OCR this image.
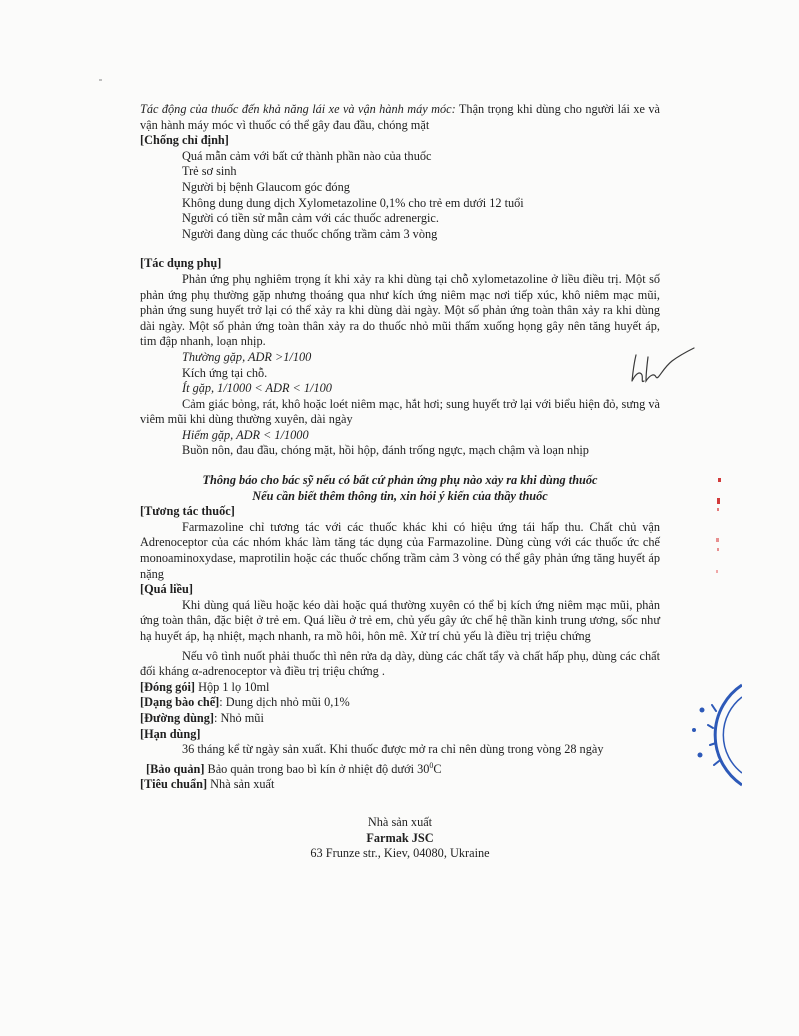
Tác động của thuốc đến khả năng lái xe và vận hành máy móc: Thận trọng khi dùng cho người lái xe và vận hành máy móc vì thuốc có thể gây đau đầu, chóng mặt

[Chống chỉ định]

Quá mẫn cảm với bất cứ thành phần nào của thuốc

Trẻ sơ sinh

Người bị bệnh Glaucom góc đóng

Không dung dung dịch Xylometazoline 0,1% cho trẻ em dưới 12 tuổi

Người có tiền sử mẫn cảm với các thuốc adrenergic.

Người đang dùng các thuốc chống trầm cảm 3 vòng

[Tác dụng phụ]

Phản ứng phụ nghiêm trọng ít khi xảy ra khi dùng tại chỗ xylometazoline ở liều điều trị. Một số phản ứng phụ thường gặp nhưng thoáng qua như kích ứng niêm mạc nơi tiếp xúc, khô niêm mạc mũi, phản ứng sung huyết trở lại có thể xảy ra khi dùng dài ngày. Một số phản ứng toàn thân xảy ra khi dùng dài ngày. Một số phản ứng toàn thân xảy ra do thuốc nhỏ mũi thấm xuống họng gây nên tăng huyết áp, tim đập nhanh, loạn nhịp.

Thường gặp, ADR >1/100

Kích ứng tại chỗ.

Ít gặp, 1/1000 < ADR < 1/100

Cảm giác bỏng, rát, khô hoặc loét niêm mạc, hắt hơi; sung huyết trở lại với biểu hiện đỏ, sưng và viêm mũi khi dùng thường xuyên, dài ngày

Hiếm gặp, ADR < 1/1000

Buồn nôn, đau đầu, chóng mặt, hồi hộp, đánh trống ngực, mạch chậm và loạn nhịp

Thông báo cho bác sỹ nếu có bất cứ phản ứng phụ nào xảy ra khi dùng thuốc

Nếu cần biết thêm thông tin, xin hỏi ý kiến của thầy thuốc

[Tương tác thuốc]

Farmazoline chỉ tương tác với các thuốc khác khi có hiệu ứng tái hấp thu. Chất chủ vận Adrenoceptor của các nhóm khác làm tăng tác dụng của Farmazoline. Dùng cùng với các thuốc ức chế monoaminoxydase, maprotilin hoặc các thuốc chống trầm cảm 3 vòng có thể gây phản ứng tăng huyết áp nặng

[Quá liều]

Khi dùng quá liều hoặc kéo dài hoặc quá thường xuyên có thể bị kích ứng niêm mạc mũi, phản ứng toàn thân, đặc biệt ở trẻ em. Quá liều ở trẻ em, chủ yếu gây ức chế hệ thần kinh trung ương, sốc như hạ huyết áp, hạ nhiệt, mạch nhanh, ra mồ hôi, hôn mê. Xử trí chủ yếu là điều trị triệu chứng

Nếu vô tình nuốt phải thuốc thì nên rửa dạ dày, dùng các chất tẩy và chất hấp phụ, dùng các chất đối kháng α-adrenoceptor và điều trị triệu chứng .

[Đóng gói] Hộp 1 lọ 10ml

[Dạng bào chế]: Dung dịch nhỏ mũi 0,1%

[Đường dùng]: Nhỏ mũi

[Hạn dùng]

36 tháng kể từ ngày sản xuất. Khi thuốc được mở ra chỉ nên dùng trong vòng 28 ngày

[Bảo quản] Bảo quản trong bao bì kín ở nhiệt độ dưới $30^0C$

[Tiêu chuẩn] Nhà sản xuất

Nhà sản xuất

Farmak JSC

63 Frunze str., Kiev, 04080, Ukraine
